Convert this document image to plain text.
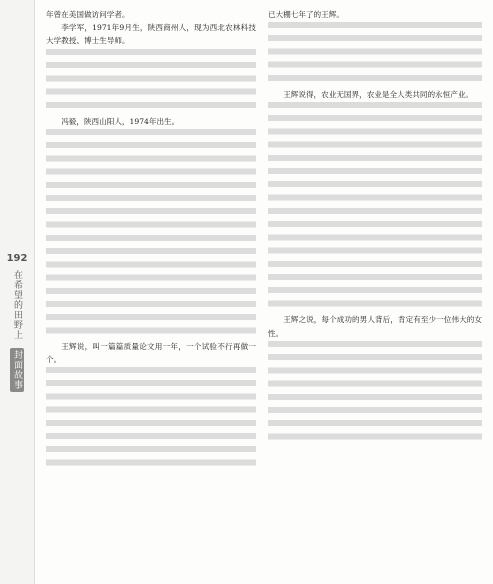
192
在希望的田野上 封面故事

年曾在美国做访问学者。

李学军，1971年9月生，陕西商州人，现为西北农林科技大学教授、博士生导师。

冯毅，陕西山阳人，1974年出生。

王辉说，叫一篇篇质量论文用一年，一个试验不行再做一个。

已大棚七年了的王辉。

王辉说得，农业无国界，农业是全人类共同的永恒产业。

王辉之说，每个成功的男人背后，肯定有至少一位伟大的女性。
